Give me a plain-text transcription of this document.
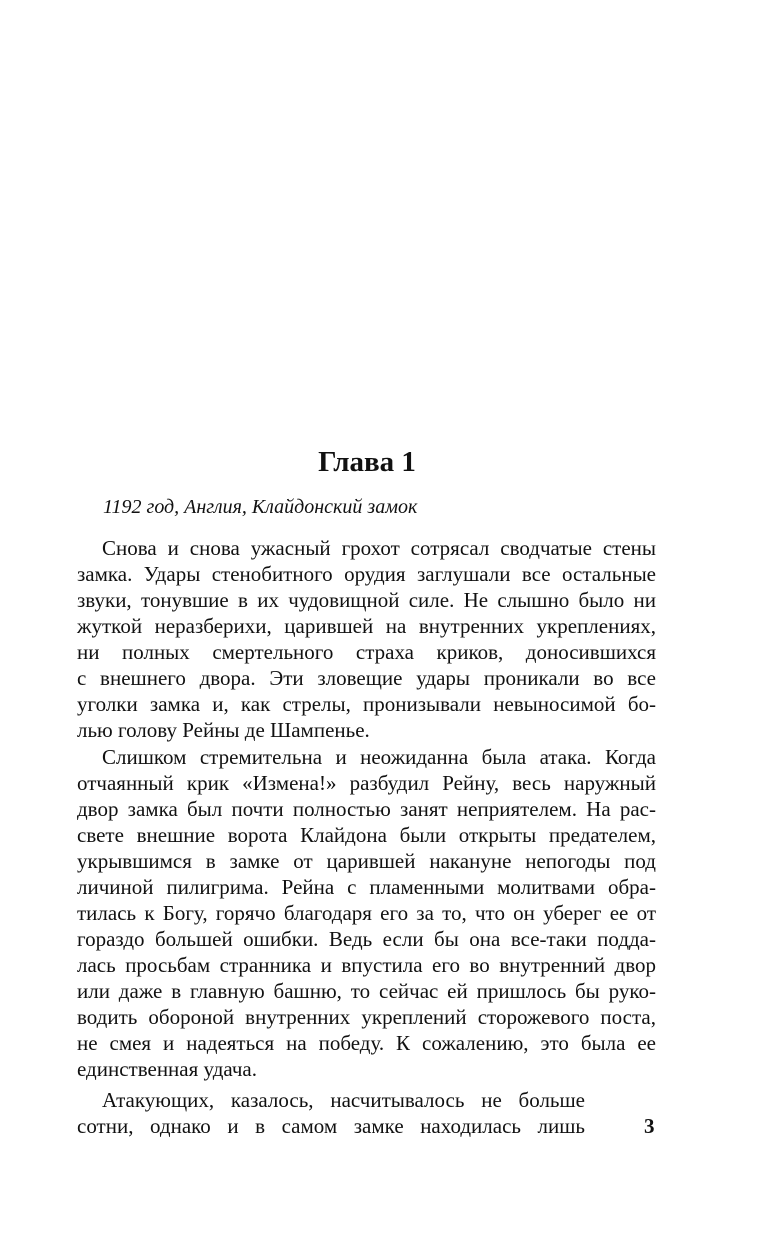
Глава 1

1192 год, Англия, Клайдонский замок

Снова и снова ужасный грохот сотрясал сводчатые стены

замка. Удары стенобитного орудия заглушали все остальные

звуки, тонувшие в их чудовищной силе. Не слышно было ни

жуткой неразберихи, царившей на внутренних укреплениях,

ни полных смертельного страха криков, доносившихся

с внешнего двора. Эти зловещие удары проникали во все

уголки замка и, как стрелы, пронизывали невыносимой бо-

лью голову Рейны де Шампенье.

Слишком стремительна и неожиданна была атака. Когда

отчаянный крик «Измена!» разбудил Рейну, весь наружный

двор замка был почти полностью занят неприятелем. На рас-

свете внешние ворота Клайдона были открыты предателем,

укрывшимся в замке от царившей накануне непогоды под

личиной пилигрима. Рейна с пламенными молитвами обра-

тилась к Богу, горячо благодаря его за то, что он уберег ее от

гораздо большей ошибки. Ведь если бы она все-таки подда-

лась просьбам странника и впустила его во внутренний двор

или даже в главную башню, то сейчас ей пришлось бы руко-

водить обороной внутренних укреплений сторожевого поста,

не смея и надеяться на победу. К сожалению, это была ее

единственная удача.

Атакующих, казалось, насчитывалось не больше

сотни, однако и в самом замке находилась лишь	3
